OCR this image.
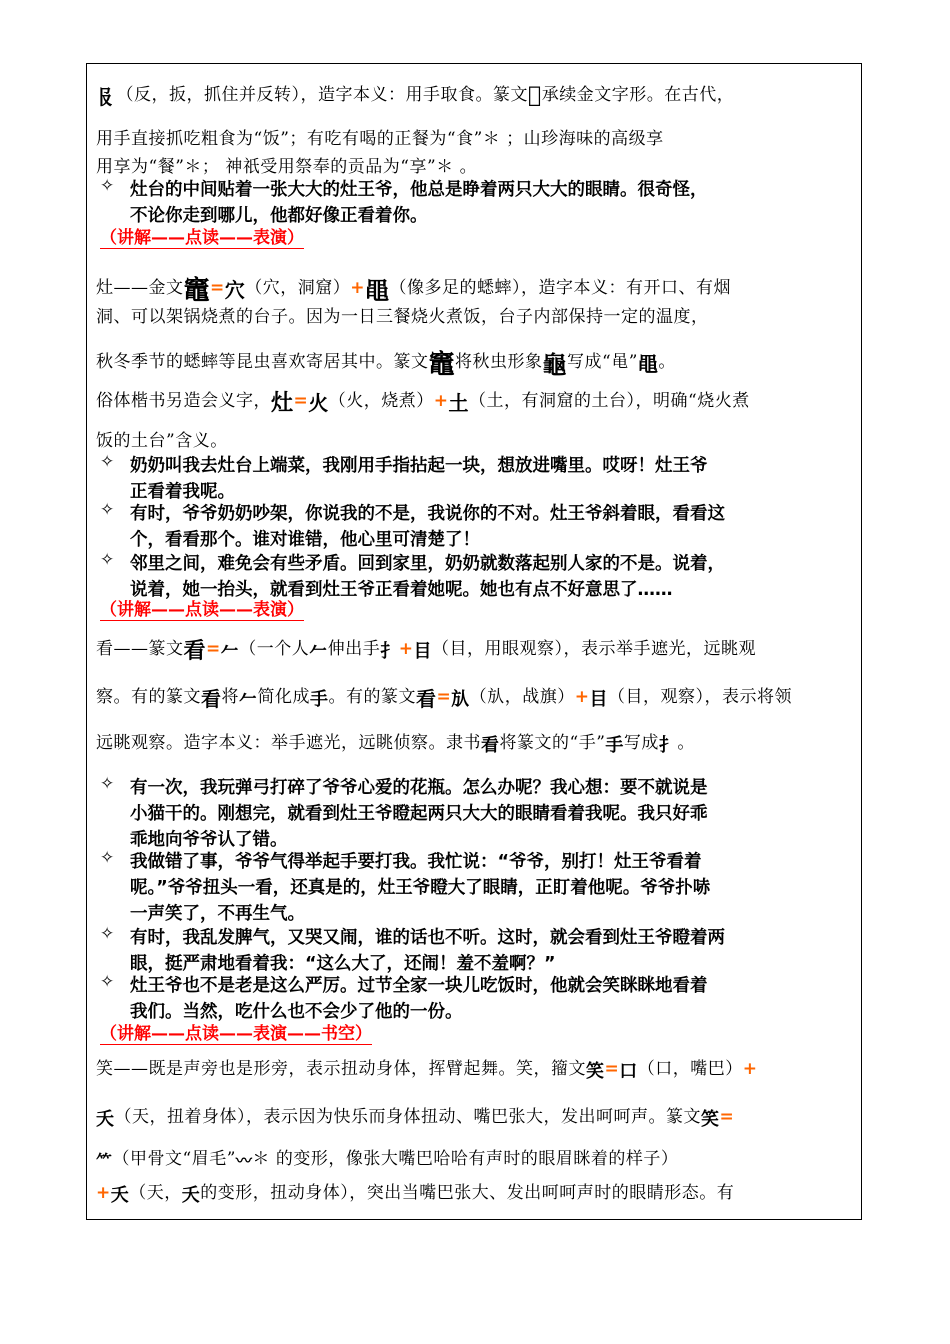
𠬝（反，扳，抓住并反转），造字本义：用手取食。篆文𩚏承续金文字形。在古代，
用手直接抓吃粗食为“饭”；有吃有喝的正餐为“食”＊ ；山珍海味的高级享
用享为“餐”＊； 神祇受用祭奉的贡品为“享”＊ 。
✧ 灶台的中间贴着一张大大的灶王爷，他总是睁着两只大大的眼睛。很奇怪，
不论你走到哪儿，他都好像正看着你。
（讲解——点读——表演）
灶——金文竈=穴（穴，洞窟）+黽（像多足的蟋蟀），造字本义：有开口、有烟
洞、可以架锅烧煮的台子。因为一日三餐烧火煮饭，台子内部保持一定的温度，
秋冬季节的蟋蟀等昆虫喜欢寄居其中。篆文竈将秋虫形象龜写成“黾”黽。
俗体楷书另造会义字，灶=火（火，烧煮）+土（土，有洞窟的土台），明确“烧火煮
饭的土台”含义。
✧ 奶奶叫我去灶台上端菜，我刚用手指拈起一块，想放进嘴里。哎呀！灶王爷
正看着我呢。
✧ 有时，爷爷奶奶吵架，你说我的不是，我说你的不对。灶王爷斜着眼，看看这
个，看看那个。谁对谁错，他心里可清楚了！
✧ 邻里之间，难免会有些矛盾。回到家里，奶奶就数落起别人家的不是。说着，
说着，她一抬头，就看到灶王爷正看着她呢。她也有点不好意思了……
（讲解——点读——表演）
看——篆文看=𠂉（一个人𠂉伸出手扌+目（目，用眼观察），表示举手遮光，远眺观
察。有的篆文看将𠂉简化成手。有的篆文看=㫃（㫃，战旗）+目（目，观察），表示将领
远眺观察。造字本义：举手遮光，远眺侦察。隶书看将篆文的“手”手写成扌。
✧ 有一次，我玩弹弓打碎了爷爷心爱的花瓶。怎么办呢？我心想：要不就说是
小猫干的。刚想完，就看到灶王爷瞪起两只大大的眼睛看着我呢。我只好乖
乖地向爷爷认了错。
✧ 我做错了事，爷爷气得举起手要打我。我忙说：“爷爷，别打！灶王爷看着
呢。”爷爷扭头一看，还真是的，灶王爷瞪大了眼睛，正盯着他呢。爷爷扑哧
一声笑了，不再生气。
✧ 有时，我乱发脾气，又哭又闹，谁的话也不听。这时，就会看到灶王爷瞪着两
眼，挺严肃地看着我：“这么大了，还闹！羞不羞啊？”
✧ 灶王爷也不是老是这么严厉。过节全家一块儿吃饭时，他就会笑眯眯地看着
我们。当然，吃什么也不会少了他的一份。
（讲解——点读——表演——书空）
笑——既是声旁也是形旁，表示扭动身体，挥臂起舞。笑，籀文笑=口（口，嘴巴）+
夭（天，扭着身体），表示因为快乐而身体扭动、嘴巴张大，发出呵呵声。篆文笑=
⺮（甲骨文“眉毛”〰＊ 的变形，像张大嘴巴哈哈有声时的眼眉眯着的样子）
+夭（天，夭的变形，扭动身体），突出当嘴巴张大、发出呵呵声时的眼睛形态。有
